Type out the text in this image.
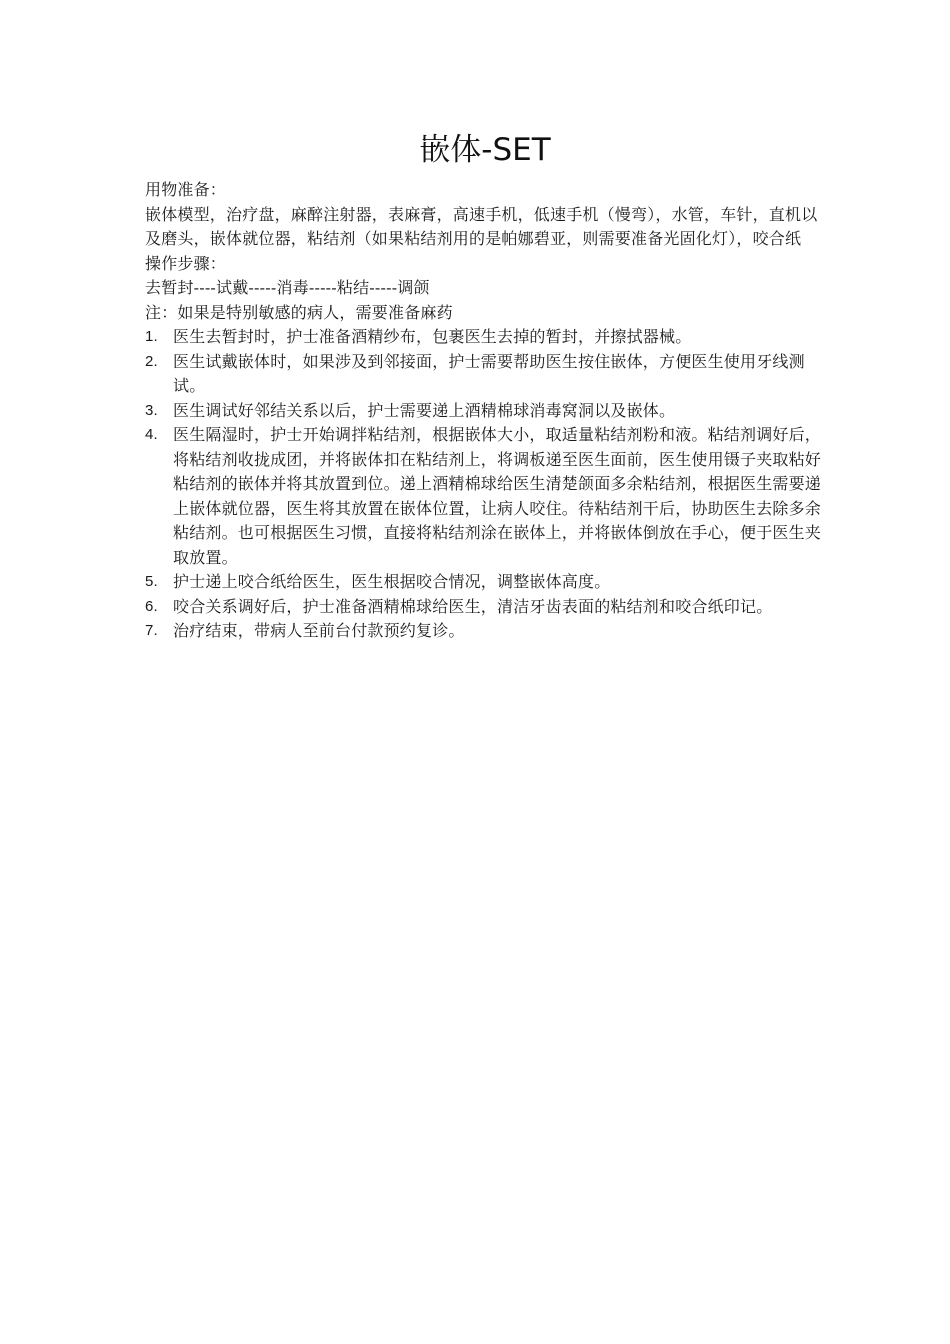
嵌体-SET

用物准备：

嵌体模型，治疗盘，麻醉注射器，表麻膏，高速手机，低速手机（慢弯），水管，车针，直机以及磨头，嵌体就位器，粘结剂（如果粘结剂用的是帕娜碧亚，则需要准备光固化灯），咬合纸

操作步骤：

去暂封----试戴-----消毒-----粘结-----调颌

注：如果是特别敏感的病人，需要准备麻药

1. 医生去暂封时，护士准备酒精纱布，包裹医生去掉的暂封，并擦拭器械。
2. 医生试戴嵌体时，如果涉及到邻接面，护士需要帮助医生按住嵌体，方便医生使用牙线测试。
3. 医生调试好邻结关系以后，护士需要递上酒精棉球消毒窝洞以及嵌体。
4. 医生隔湿时，护士开始调拌粘结剂，根据嵌体大小，取适量粘结剂粉和液。粘结剂调好后，将粘结剂收拢成团，并将嵌体扣在粘结剂上，将调板递至医生面前，医生使用镊子夹取粘好粘结剂的嵌体并将其放置到位。递上酒精棉球给医生清楚颌面多余粘结剂，根据医生需要递上嵌体就位器，医生将其放置在嵌体位置，让病人咬住。待粘结剂干后，协助医生去除多余粘结剂。也可根据医生习惯，直接将粘结剂涂在嵌体上，并将嵌体倒放在手心，便于医生夹取放置。
5. 护士递上咬合纸给医生，医生根据咬合情况，调整嵌体高度。
6. 咬合关系调好后，护士准备酒精棉球给医生，清洁牙齿表面的粘结剂和咬合纸印记。
7. 治疗结束，带病人至前台付款预约复诊。
